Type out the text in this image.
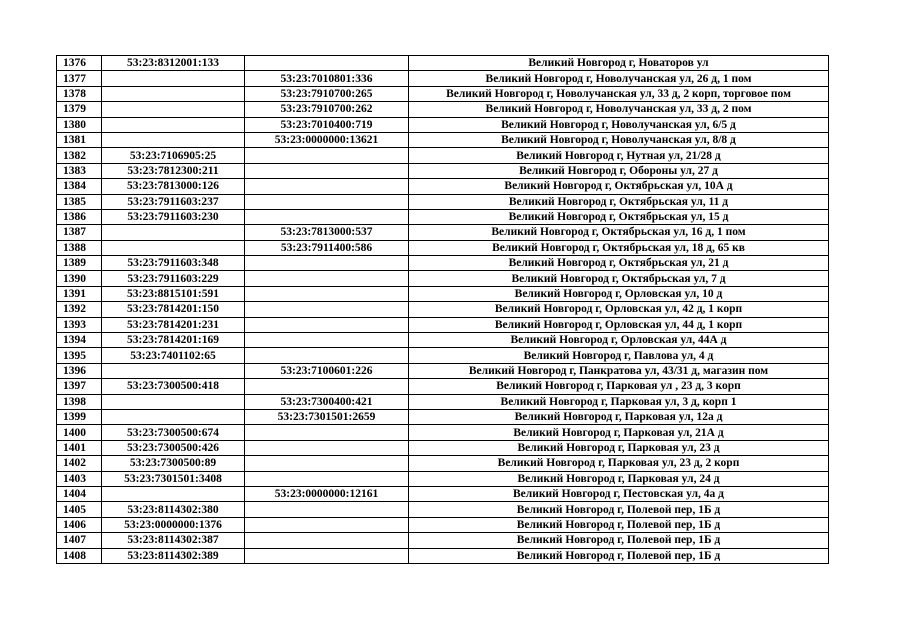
1376	53:23:8312001:133		Великий Новгород г, Новаторов ул
1377		53:23:7010801:336	Великий Новгород г, Новолучанская ул, 26 д, 1 пом
1378		53:23:7910700:265	Великий Новгород г, Новолучанская ул, 33 д, 2 корп, торговое пом
1379		53:23:7910700:262	Великий Новгород г, Новолучанская ул, 33 д, 2 пом
1380		53:23:7010400:719	Великий Новгород г, Новолучанская ул, 6/5 д
1381		53:23:0000000:13621	Великий Новгород г, Новолучанская ул, 8/8 д
1382	53:23:7106905:25		Великий Новгород г, Нутная ул, 21/28 д
1383	53:23:7812300:211		Великий Новгород г, Обороны ул, 27 д
1384	53:23:7813000:126		Великий Новгород г, Октябрьская ул, 10А д
1385	53:23:7911603:237		Великий Новгород г, Октябрьская ул, 11 д
1386	53:23:7911603:230		Великий Новгород г, Октябрьская ул, 15 д
1387		53:23:7813000:537	Великий Новгород г, Октябрьская ул, 16 д, 1 пом
1388		53:23:7911400:586	Великий Новгород г, Октябрьская ул, 18 д, 65 кв
1389	53:23:7911603:348		Великий Новгород г, Октябрьская ул, 21 д
1390	53:23:7911603:229		Великий Новгород г, Октябрьская ул, 7 д
1391	53:23:8815101:591		Великий Новгород г, Орловская ул, 10 д
1392	53:23:7814201:150		Великий Новгород г, Орловская ул, 42 д, 1 корп
1393	53:23:7814201:231		Великий Новгород г, Орловская ул, 44 д, 1 корп
1394	53:23:7814201:169		Великий Новгород г, Орловская ул, 44А д
1395	53:23:7401102:65		Великий Новгород г, Павлова ул, 4 д
1396		53:23:7100601:226	Великий Новгород г, Панкратова ул, 43/31 д, магазин пом
1397	53:23:7300500:418		Великий Новгород г, Парковая ул , 23 д, 3 корп
1398		53:23:7300400:421	Великий Новгород г, Парковая ул, 3 д, корп 1
1399		53:23:7301501:2659	Великий Новгород г, Парковая ул, 12а д
1400	53:23:7300500:674		Великий Новгород г, Парковая ул, 21А д
1401	53:23:7300500:426		Великий Новгород г, Парковая ул, 23 д
1402	53:23:7300500:89		Великий Новгород г, Парковая ул, 23 д, 2 корп
1403	53:23:7301501:3408		Великий Новгород г, Парковая ул, 24 д
1404		53:23:0000000:12161	Великий Новгород г, Пестовская ул, 4а д
1405	53:23:8114302:380		Великий Новгород г, Полевой пер, 1Б д
1406	53:23:0000000:1376		Великий Новгород г, Полевой пер, 1Б д
1407	53:23:8114302:387		Великий Новгород г, Полевой пер, 1Б д
1408	53:23:8114302:389		Великий Новгород г, Полевой пер, 1Б д
